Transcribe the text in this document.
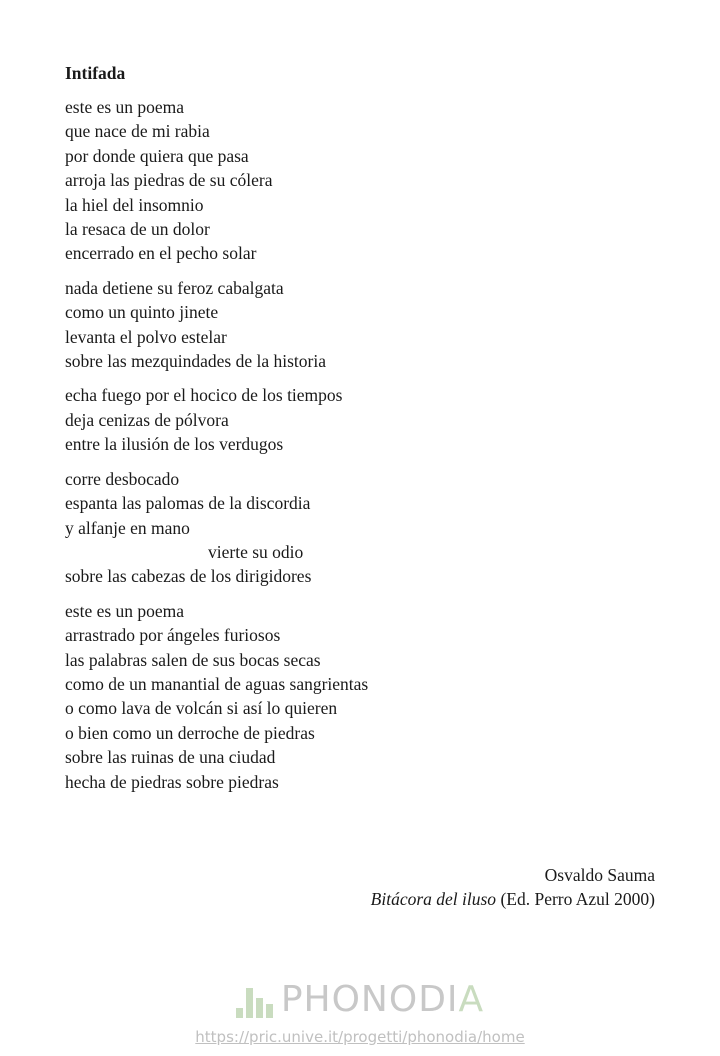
Intifada
este es un poema
que nace de mi rabia
por donde quiera que pasa
arroja las piedras de su cólera
la hiel del insomnio
la resaca de un dolor
encerrado en el pecho solar
nada detiene su feroz cabalgata
como un quinto jinete
levanta el polvo estelar
sobre las mezquindades de la historia
echa fuego por el hocico de los tiempos
deja cenizas de pólvora
entre la ilusión de los verdugos
corre desbocado
espanta las palomas de la discordia
y alfanje en mano
vierte su odio
sobre las cabezas de los dirigidores
este es un poema
arrastrado por ángeles furiosos
las palabras salen de sus bocas secas
como de un manantial de aguas sangrientas
o como lava de volcán si así lo quieren
o bien como un derroche de piedras
sobre las ruinas de una ciudad
hecha de piedras sobre piedras
Osvaldo Sauma
Bitácora del iluso (Ed. Perro Azul 2000)
PHONODIA
https://pric.unive.it/progetti/phonodia/home
